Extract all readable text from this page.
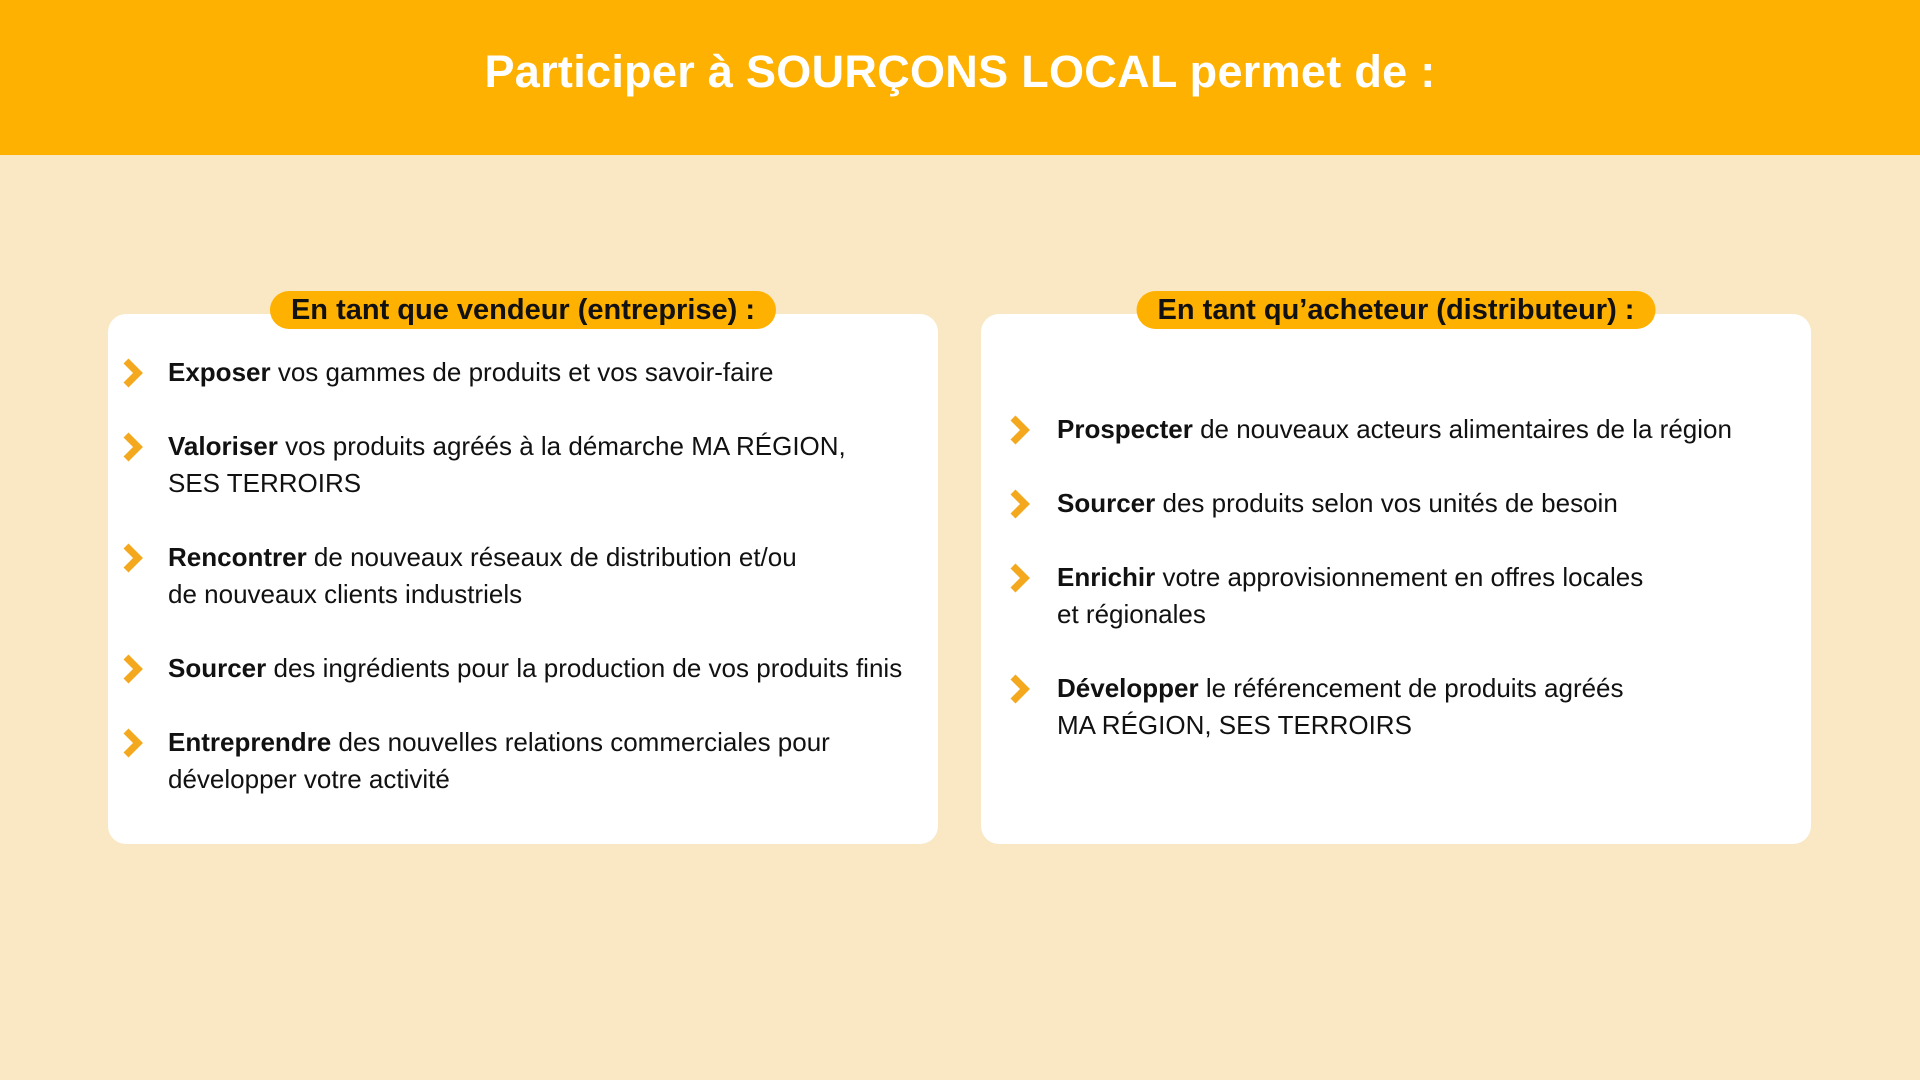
Participer à SOURÇONS LOCAL permet de :
En tant que vendeur (entreprise) :
Exposer vos gammes de produits et vos savoir-faire
Valoriser vos produits agréés à la démarche MA RÉGION,
SES TERROIRS
Rencontrer de nouveaux réseaux de distribution et/ou
de nouveaux clients industriels
Sourcer des ingrédients pour la production de vos produits finis
Entreprendre des nouvelles relations commerciales pour
développer votre activité
En tant qu’acheteur (distributeur) :
Prospecter de nouveaux acteurs alimentaires de la région
Sourcer des produits selon vos unités de besoin
Enrichir votre approvisionnement en offres locales
et régionales
Développer le référencement de produits agréés
MA RÉGION, SES TERROIRS
